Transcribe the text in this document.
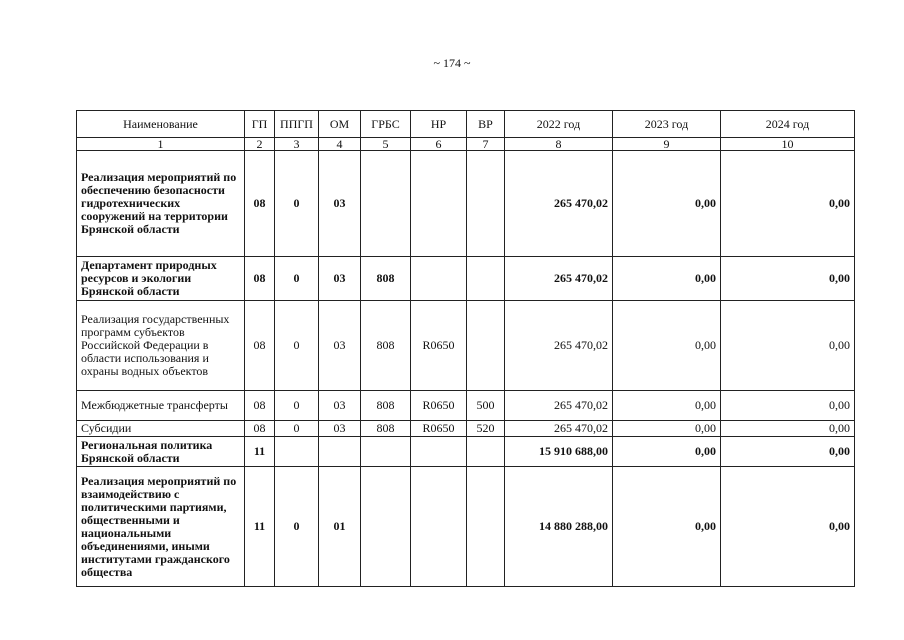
~ 174 ~
Наименование	ГП	ППГП	ОМ	ГРБС	НР	ВР	2022 год	2023 год	2024 год
1	2	3	4	5	6	7	8	9	10
Реализация мероприятий по обеспечению безопасности гидротехнических сооружений на территории Брянской области	08	0	03				265 470,02	0,00	0,00
Департамент природных ресурсов и экологии Брянской области	08	0	03	808			265 470,02	0,00	0,00
Реализация государственных программ субъектов Российской Федерации в области использования и охраны водных объектов	08	0	03	808	R0650		265 470,02	0,00	0,00
Межбюджетные трансферты	08	0	03	808	R0650	500	265 470,02	0,00	0,00
Субсидии	08	0	03	808	R0650	520	265 470,02	0,00	0,00
Региональная политика Брянской области	11						15 910 688,00	0,00	0,00
Реализация мероприятий по взаимодействию с политическими партиями, общественными и национальными объединениями, иными институтами гражданского общества	11	0	01				14 880 288,00	0,00	0,00
